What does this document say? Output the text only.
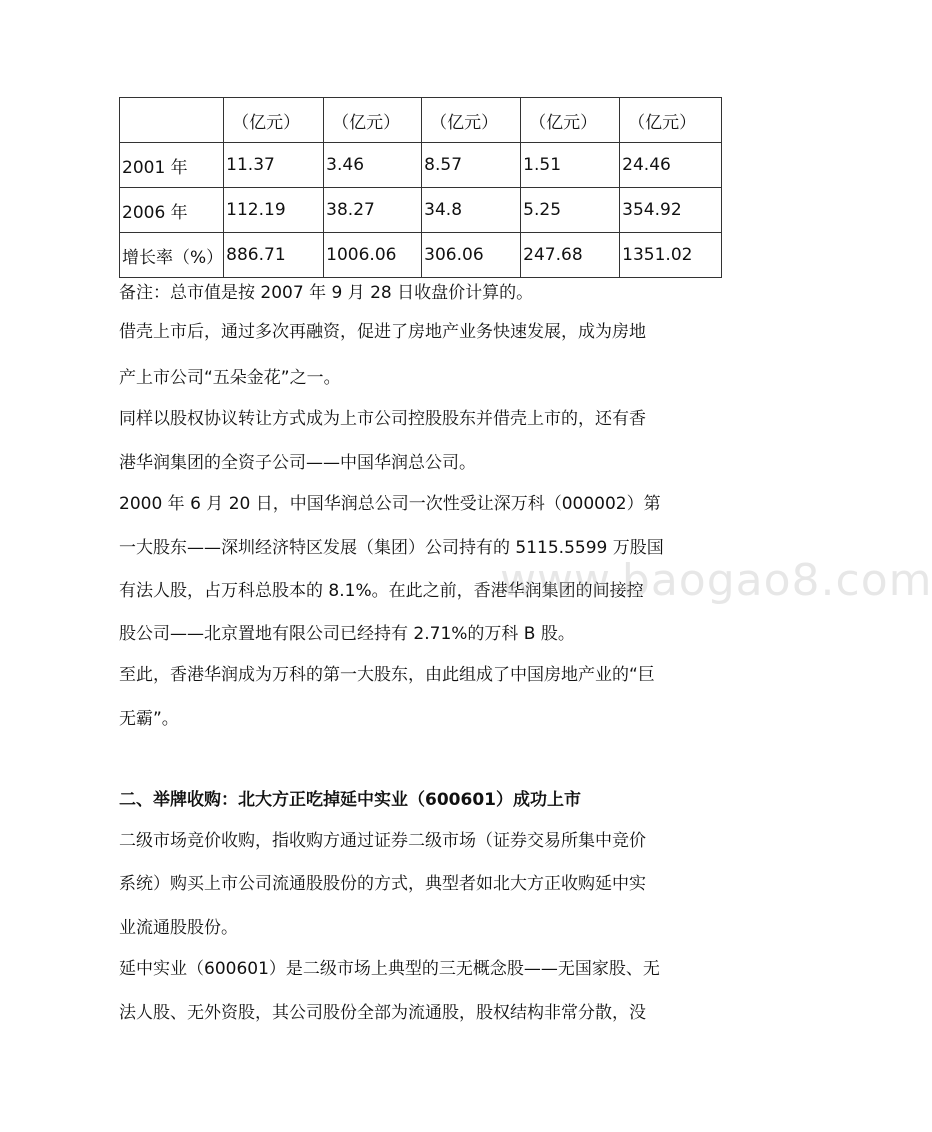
	（亿元）	（亿元）	（亿元）	（亿元）	（亿元）
2001 年	11.37	3.46	8.57	1.51	24.46
2006 年	112.19	38.27	34.8	5.25	354.92
增长率（%）	886.71	1006.06	306.06	247.68	1351.02

备注：总市值是按 2007 年 9 月 28 日收盘价计算的。

借壳上市后，通过多次再融资，促进了房地产业务快速发展，成为房地

产上市公司“五朵金花”之一。

同样以股权协议转让方式成为上市公司控股股东并借壳上市的，还有香

港华润集团的全资子公司——中国华润总公司。

2000 年 6 月 20 日，中国华润总公司一次性受让深万科（000002）第

一大股东——深圳经济特区发展（集团）公司持有的 5115.5599 万股国

有法人股，占万科总股本的 8.1%。在此之前，香港华润集团的间接控

股公司——北京置地有限公司已经持有 2.71%的万科 B 股。

至此，香港华润成为万科的第一大股东，由此组成了中国房地产业的“巨

无霸”。

二、举牌收购：北大方正吃掉延中实业（600601）成功上市

二级市场竞价收购，指收购方通过证券二级市场（证券交易所集中竞价

系统）购买上市公司流通股股份的方式，典型者如北大方正收购延中实

业流通股股份。

延中实业（600601）是二级市场上典型的三无概念股——无国家股、无

法人股、无外资股，其公司股份全部为流通股，股权结构非常分散，没

www.baogao8.com
